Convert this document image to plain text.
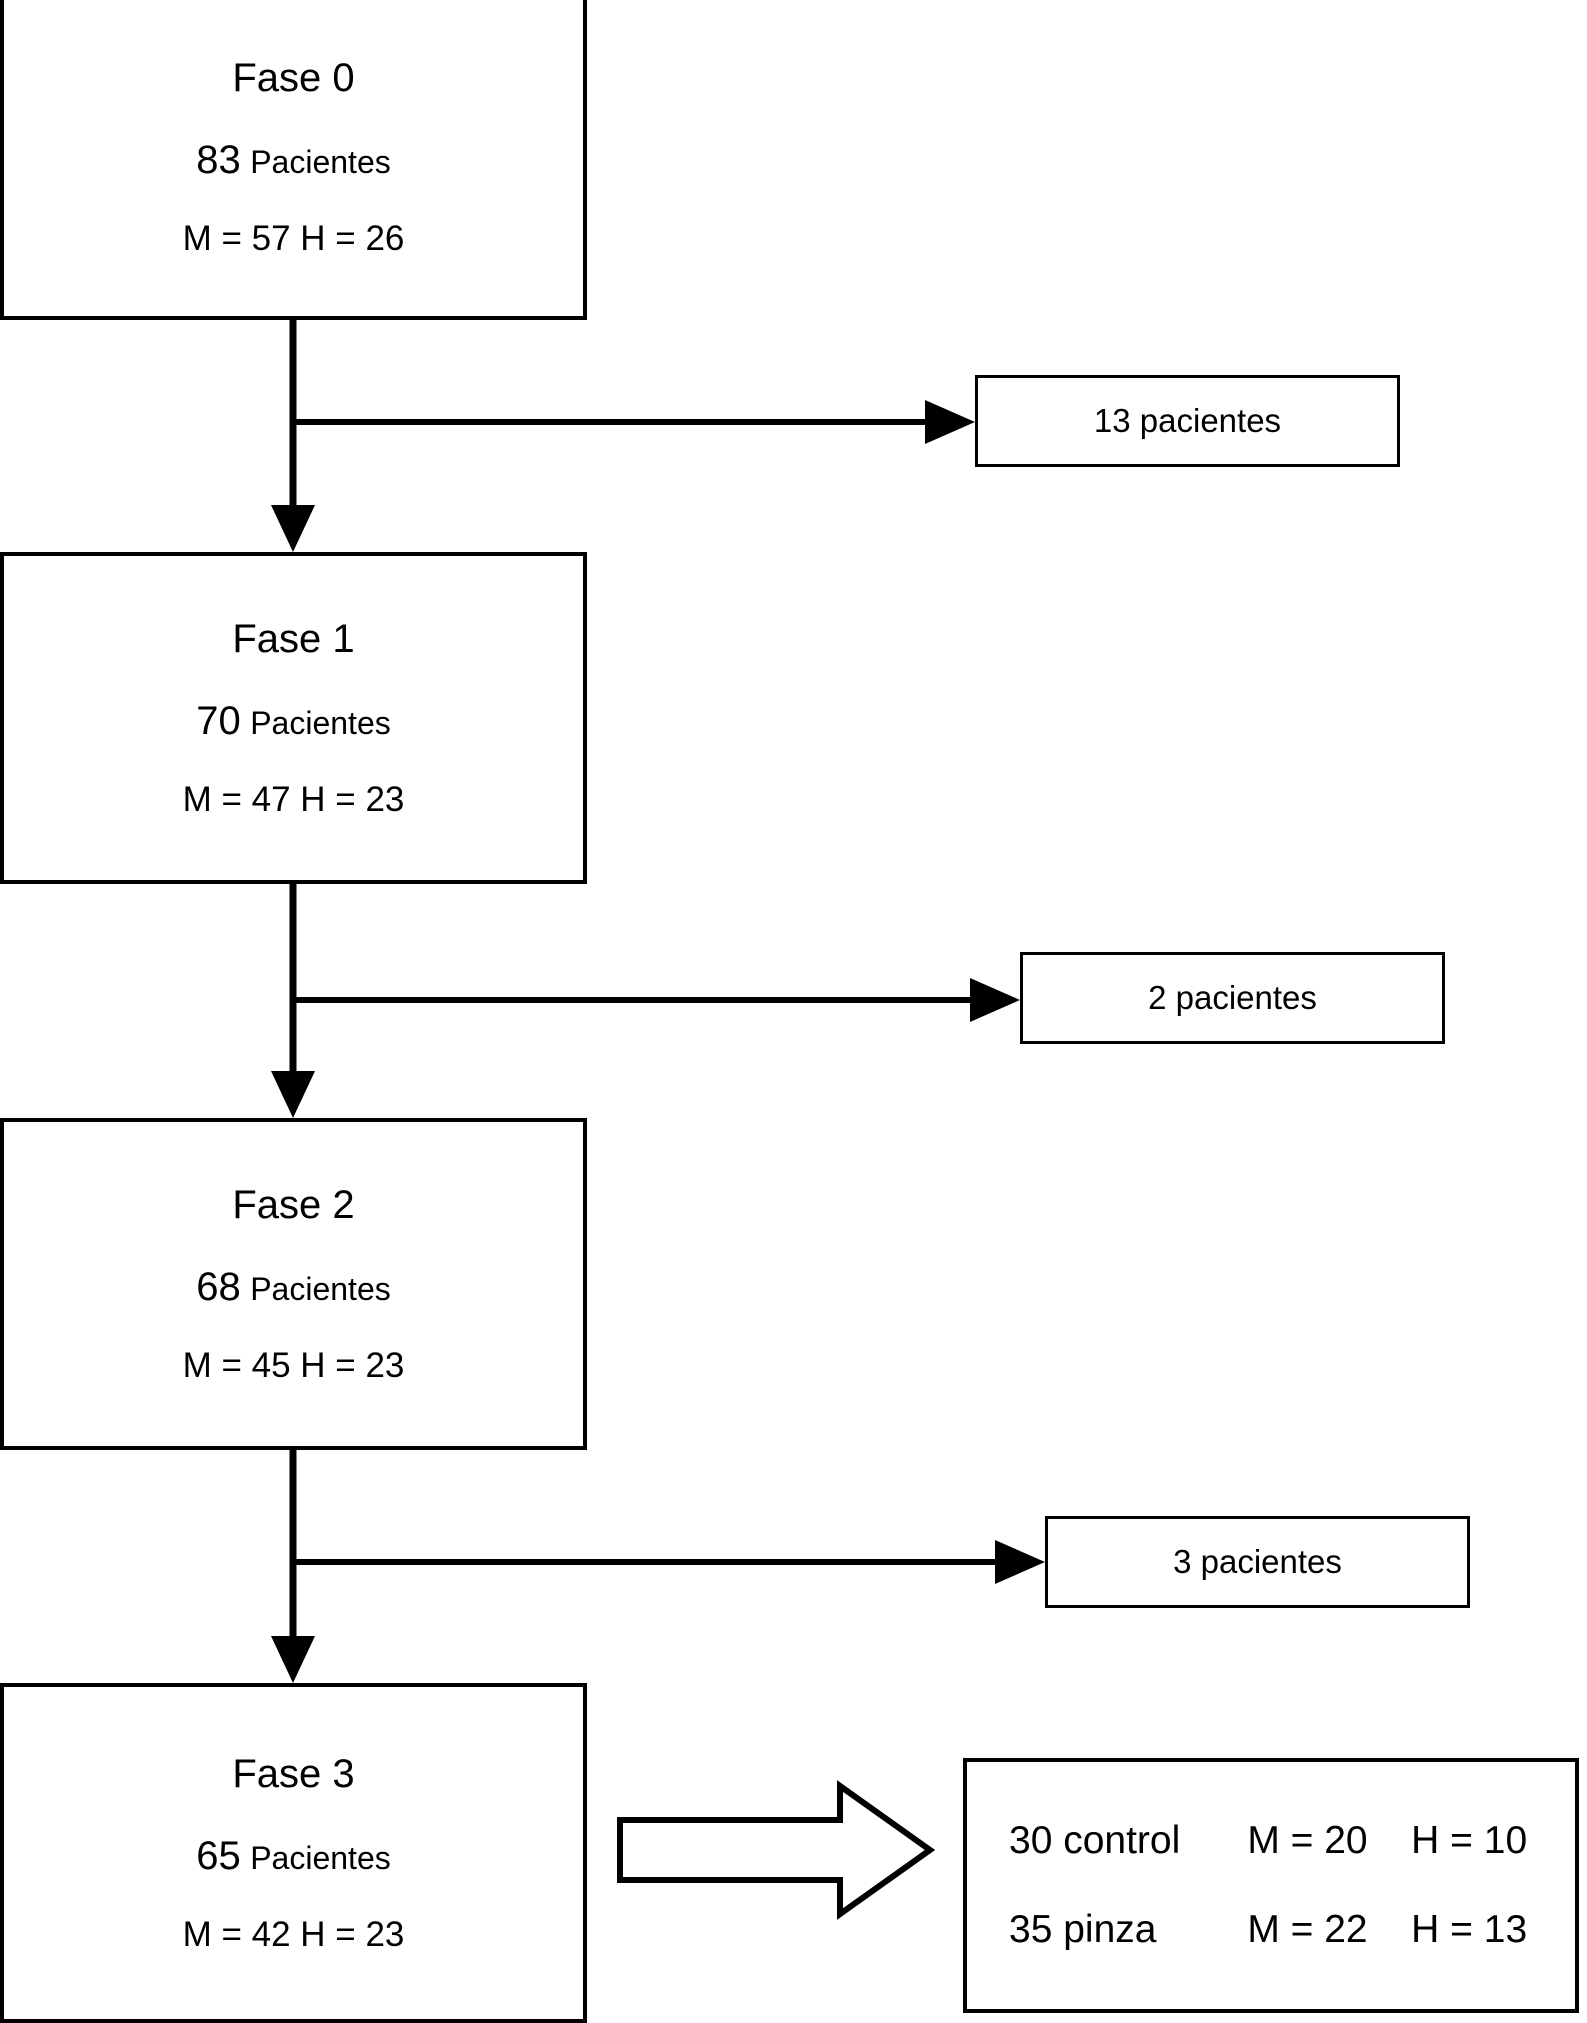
Fase 0
83 Pacientes
M = 57 H = 26
13 pacientes
Fase 1
70 Pacientes
M = 47 H = 23
2 pacientes
Fase 2
68 Pacientes
M = 45 H = 23
3 pacientes
Fase 3
65 Pacientes
M = 42 H = 23
30 control	M = 20	H = 10
35 pinza	M = 22	H = 13
